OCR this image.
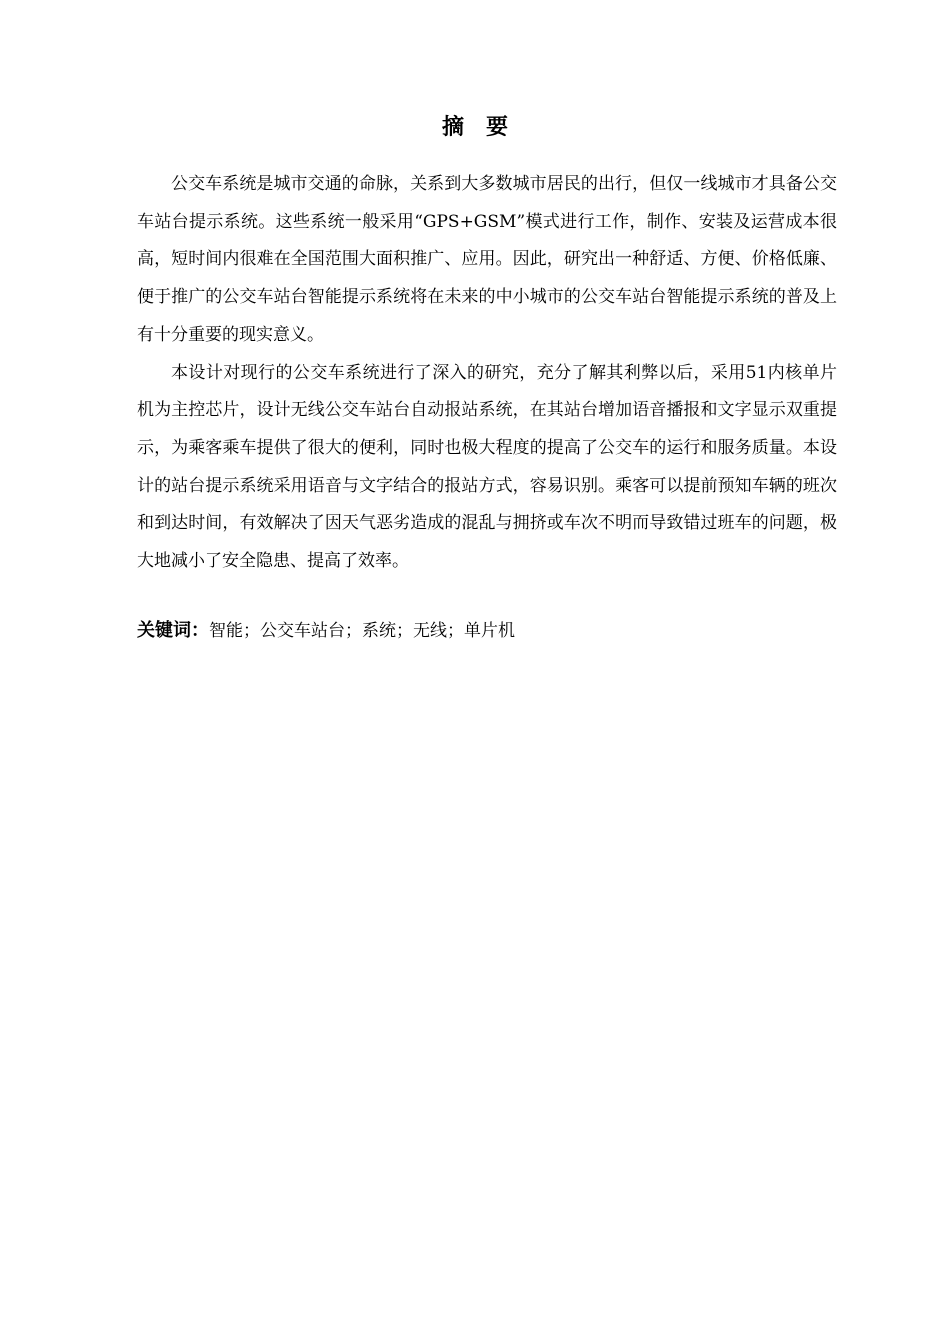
摘 要

公交车系统是城市交通的命脉，关系到大多数城市居民的出行，但仅一线城市才具备公交车站台提示系统。这些系统一般采用“GPS+GSM”模式进行工作，制作、安装及运营成本很高，短时间内很难在全国范围大面积推广、应用。因此，研究出一种舒适、方便、价格低廉、便于推广的公交车站台智能提示系统将在未来的中小城市的公交车站台智能提示系统的普及上有十分重要的现实意义。

本设计对现行的公交车系统进行了深入的研究，充分了解其利弊以后，采用51内核单片机为主控芯片，设计无线公交车站台自动报站系统，在其站台增加语音播报和文字显示双重提示，为乘客乘车提供了很大的便利，同时也极大程度的提高了公交车的运行和服务质量。本设计的站台提示系统采用语音与文字结合的报站方式，容易识别。乘客可以提前预知车辆的班次和到达时间，有效解决了因天气恶劣造成的混乱与拥挤或车次不明而导致错过班车的问题，极大地减小了安全隐患、提高了效率。

关键词：智能；公交车站台；系统；无线；单片机
